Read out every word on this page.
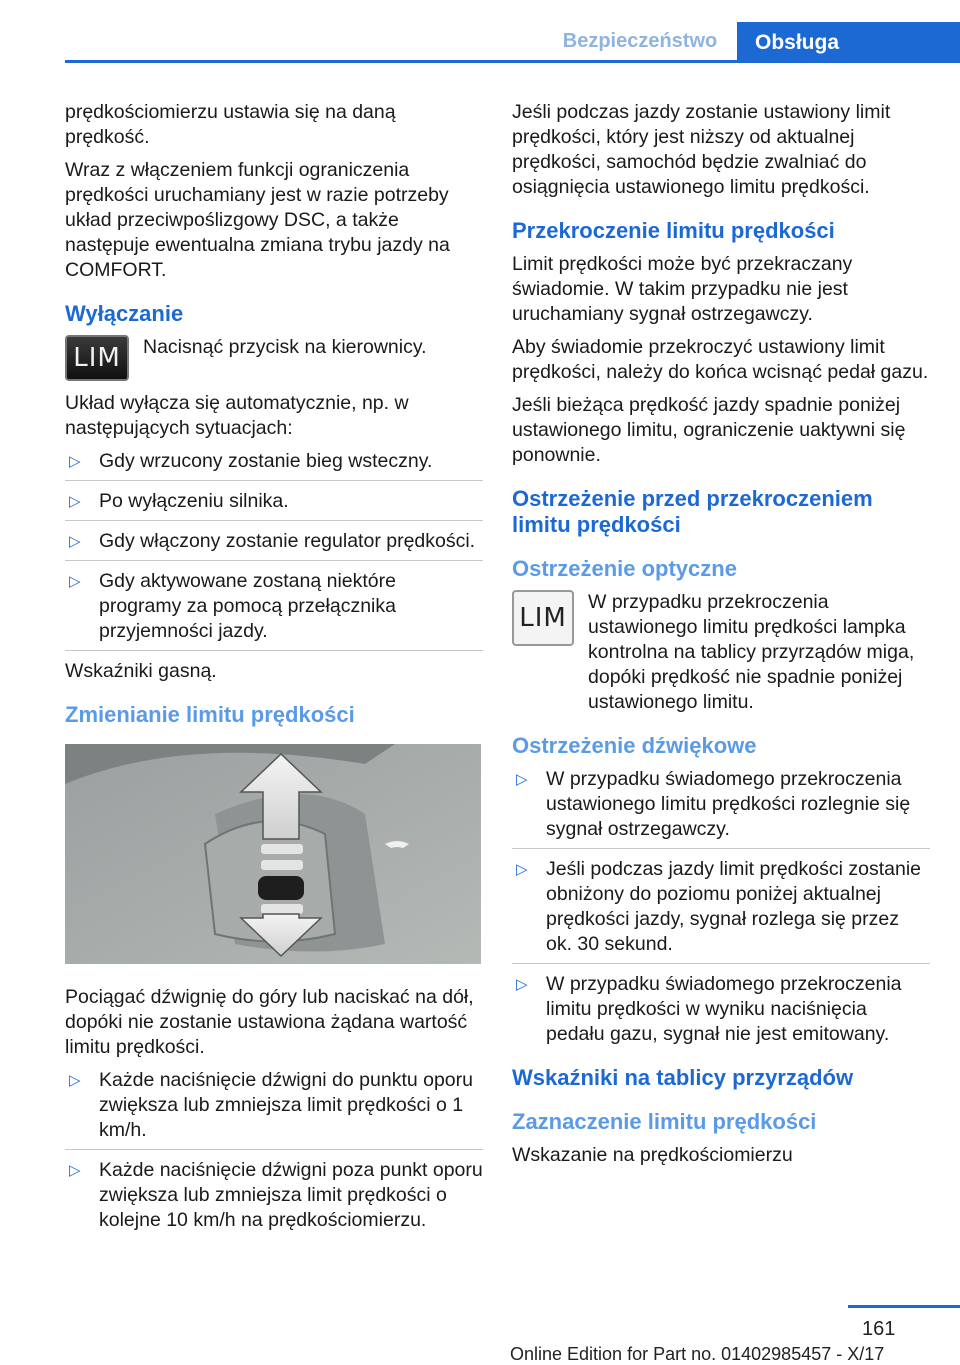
Bezpieczeństwo	Obsługa

prędkościomierzu ustawia się na daną prędkość.

Wraz z włączeniem funkcji ograniczenia prędkości uruchamiany jest w razie potrzeby układ przeciwpoślizgowy DSC, a także następuje ewentualna zmiana trybu jazdy na COMFORT.

Wyłączanie
LIM	Nacisnąć przycisk na kierownicy.

Układ wyłącza się automatycznie, np. w następujących sytuacjach:

▷ Gdy wrzucony zostanie bieg wsteczny.
▷ Po wyłączeniu silnika.
▷ Gdy włączony zostanie regulator prędkości.
▷ Gdy aktywowane zostaną niektóre programy za pomocą przełącznika przyjemności jazdy.

Wskaźniki gasną.

Zmienianie limitu prędkości

Pociągać dźwignię do góry lub naciskać na dół, dopóki nie zostanie ustawiona żądana wartość limitu prędkości.

▷ Każde naciśnięcie dźwigni do punktu oporu zwiększa lub zmniejsza limit prędkości o 1 km/h.
▷ Każde naciśnięcie dźwigni poza punkt oporu zwiększa lub zmniejsza limit prędkości o kolejne 10 km/h na prędkościomierzu.

Jeśli podczas jazdy zostanie ustawiony limit prędkości, który jest niższy od aktualnej prędkości, samochód będzie zwalniać do osiągnięcia ustawionego limitu prędkości.

Przekroczenie limitu prędkości

Limit prędkości może być przekraczany świadomie. W takim przypadku nie jest uruchamiany sygnał ostrzegawczy.

Aby świadomie przekroczyć ustawiony limit prędkości, należy do końca wcisnąć pedał gazu.

Jeśli bieżąca prędkość jazdy spadnie poniżej ustawionego limitu, ograniczenie uaktywni się ponownie.

Ostrzeżenie przed przekroczeniem limitu prędkości
Ostrzeżenie optyczne
LIM
W przypadku przekroczenia ustawionego limitu prędkości lampka kontrolna na tablicy przyrządów miga, dopóki prędkość nie spadnie poniżej ustawionego limitu.
Ostrzeżenie dźwiękowe
▷ W przypadku świadomego przekroczenia ustawionego limitu prędkości rozlegnie się sygnał ostrzegawczy.
▷ Jeśli podczas jazdy limit prędkości zostanie obniżony do poziomu poniżej aktualnej prędkości jazdy, sygnał rozlega się przez ok. 30 sekund.
▷ W przypadku świadomego przekroczenia limitu prędkości w wyniku naciśnięcia pedału gazu, sygnał nie jest emitowany.
Wskaźniki na tablicy przyrządów
Zaznaczenie limitu prędkości

Wskazanie na prędkościomierzu

161
Online Edition for Part no. 01402985457 - X/17
